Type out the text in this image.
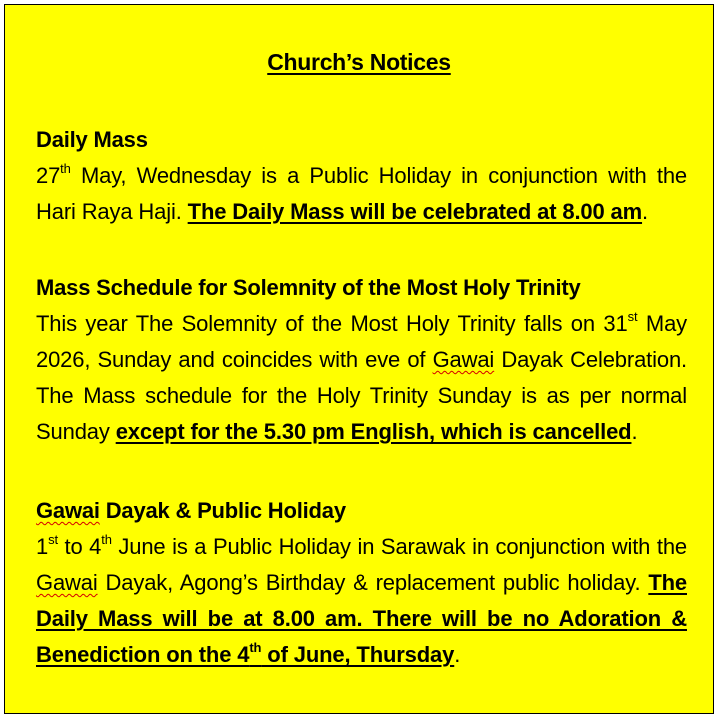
Church’s Notices
Daily Mass
27th May, Wednesday is a Public Holiday in conjunction with the Hari Raya Haji. The Daily Mass will be celebrated at 8.00 am.
Mass Schedule for Solemnity of the Most Holy Trinity
This year The Solemnity of the Most Holy Trinity falls on 31st May 2026, Sunday and coincides with eve of Gawai Dayak Celebration. The Mass schedule for the Holy Trinity Sunday is as per normal Sunday except for the 5.30 pm English, which is cancelled.
Gawai Dayak & Public Holiday
1st to 4th June is a Public Holiday in Sarawak in conjunction with the Gawai Dayak, Agong’s Birthday & replacement public holiday. The Daily Mass will be at 8.00 am. There will be no Adoration & Benediction on the 4th of June, Thursday.
